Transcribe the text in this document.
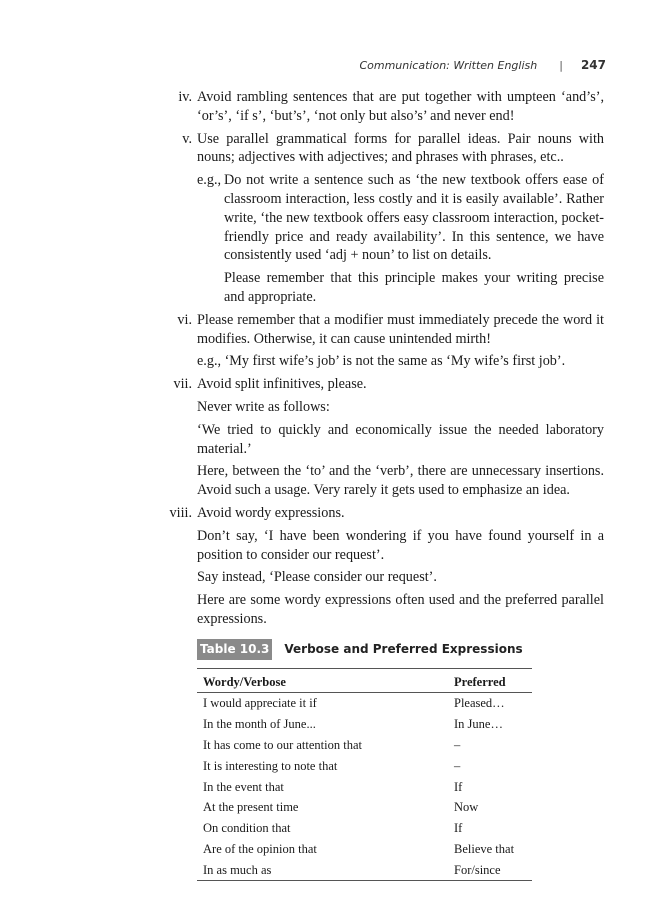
Communication: Written English | 247
iv. Avoid rambling sentences that are put together with umpteen ‘and’s’, ‘or’s’, ‘if s’, ‘but’s’, ‘not only but also’s’ and never end!

v. Use parallel grammatical forms for parallel ideas. Pair nouns with nouns; adjectives with adjectives; and phrases with phrases, etc..

e.g., Do not write a sentence such as ‘the new textbook offers ease of classroom interaction, less costly and it is easily available’. Rather write, ‘the new textbook offers easy classroom interaction, pocket-friendly price and ready availability’. In this sentence, we have consistently used ‘adj + noun’ to list on details.

Please remember that this principle makes your writing precise and appropriate.

vi. Please remember that a modifier must immediately precede the word it modifies. Otherwise, it can cause unintended mirth!

e.g., ‘My first wife’s job’ is not the same as ‘My wife’s first job’.

vii. Avoid split infinitives, please.

Never write as follows:

‘We tried to quickly and economically issue the needed laboratory material.’

Here, between the ‘to’ and the ‘verb’, there are unnecessary insertions. Avoid such a usage. Very rarely it gets used to emphasize an idea.

viii. Avoid wordy expressions.

Don’t say, ‘I have been wondering if you have found yourself in a position to consider our request’.

Say instead, ‘Please consider our request’.

Here are some wordy expressions often used and the preferred parallel expressions.

Table 10.3 Verbose and Preferred Expressions
Wordy/Verbose	Preferred
I would appreciate it if	Pleased…
In the month of June...	In June…
It has come to our attention that	–
It is interesting to note that	–
In the event that	If
At the present time	Now
On condition that	If
Are of the opinion that	Believe that
In as much as	For/since
